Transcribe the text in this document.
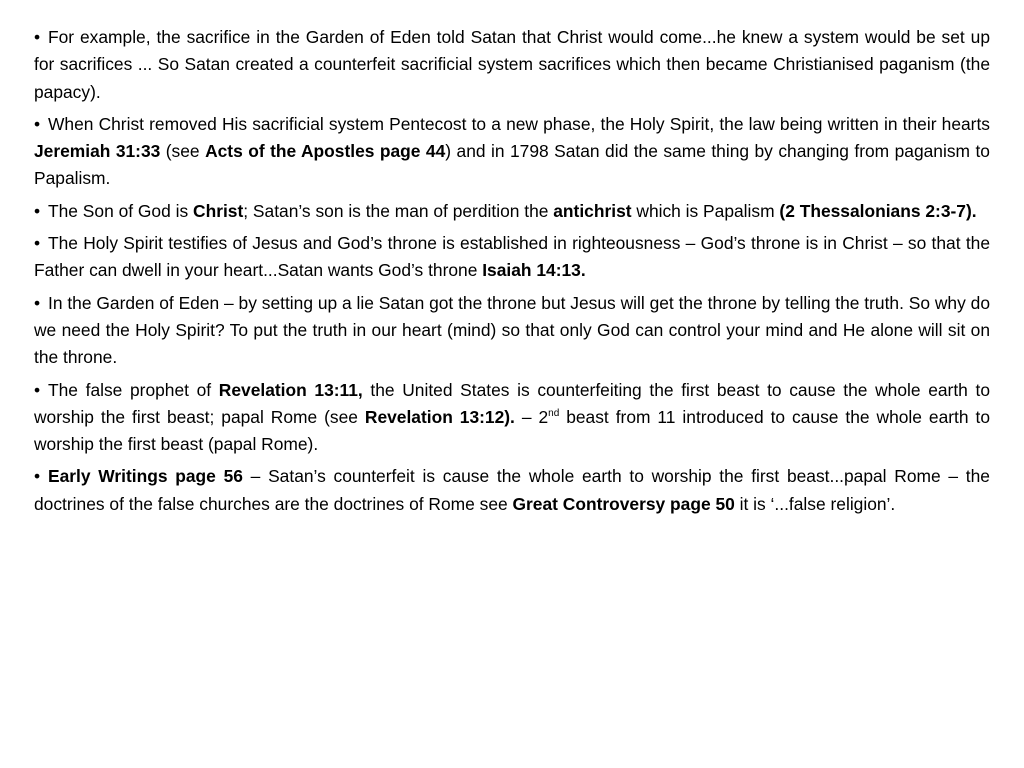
• For example, the sacrifice in the Garden of Eden told Satan that Christ would come...he knew a system would be set up for sacrifices ... So Satan created a counterfeit sacrificial system sacrifices which then became Christianised paganism (the papacy).
• When Christ removed His sacrificial system Pentecost to a new phase, the Holy Spirit, the law being written in their hearts Jeremiah 31:33 (see Acts of the Apostles page 44) and in 1798 Satan did the same thing by changing from paganism to Papalism.
• The Son of God is Christ; Satan’s son is the man of perdition the antichrist which is Papalism (2 Thessalonians 2:3-7).
• The Holy Spirit testifies of Jesus and God’s throne is established in righteousness – God’s throne is in Christ – so that the Father can dwell in your heart...Satan wants God’s throne Isaiah 14:13.
• In the Garden of Eden – by setting up a lie Satan got the throne but Jesus will get the throne by telling the truth. So why do we need the Holy Spirit? To put the truth in our heart (mind) so that only God can control your mind and He alone will sit on the throne.
• The false prophet of Revelation 13:11, the United States is counterfeiting the first beast to cause the whole earth to worship the first beast; papal Rome (see Revelation 13:12). – 2nd beast from 11 introduced to cause the whole earth to worship the first beast (papal Rome).
• Early Writings page 56 – Satan’s counterfeit is cause the whole earth to worship the first beast...papal Rome – the doctrines of the false churches are the doctrines of Rome see Great Controversy page 50 it is ‘...false religion’.
